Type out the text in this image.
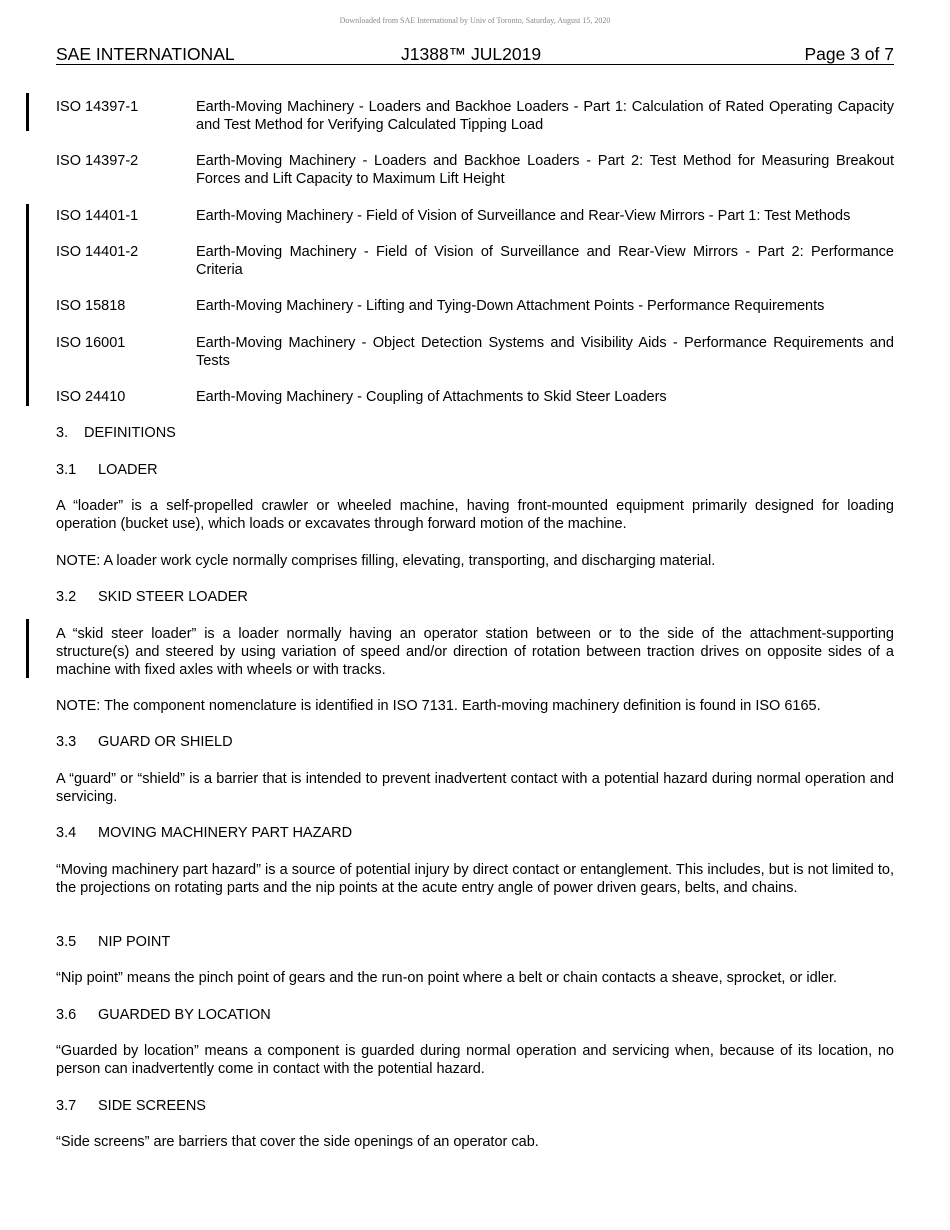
Downloaded from SAE International by Univ of Toronto, Saturday, August 15, 2020
SAE INTERNATIONAL	J1388™ JUL2019	Page 3 of 7
ISO 14397-1	Earth-Moving Machinery - Loaders and Backhoe Loaders - Part 1: Calculation of Rated Operating Capacity and Test Method for Verifying Calculated Tipping Load
ISO 14397-2	Earth-Moving Machinery - Loaders and Backhoe Loaders - Part 2: Test Method for Measuring Breakout Forces and Lift Capacity to Maximum Lift Height
ISO 14401-1	Earth-Moving Machinery - Field of Vision of Surveillance and Rear-View Mirrors - Part 1: Test Methods
ISO 14401-2	Earth-Moving Machinery - Field of Vision of Surveillance and Rear-View Mirrors - Part 2: Performance Criteria
ISO 15818	Earth-Moving Machinery - Lifting and Tying-Down Attachment Points - Performance Requirements
ISO 16001	Earth-Moving Machinery - Object Detection Systems and Visibility Aids - Performance Requirements and Tests
ISO 24410	Earth-Moving Machinery - Coupling of Attachments to Skid Steer Loaders
3. DEFINITIONS
3.1 LOADER
A “loader” is a self-propelled crawler or wheeled machine, having front-mounted equipment primarily designed for loading operation (bucket use), which loads or excavates through forward motion of the machine.
NOTE: A loader work cycle normally comprises filling, elevating, transporting, and discharging material.
3.2 SKID STEER LOADER
A “skid steer loader” is a loader normally having an operator station between or to the side of the attachment-supporting structure(s) and steered by using variation of speed and/or direction of rotation between traction drives on opposite sides of a machine with fixed axles with wheels or with tracks.
NOTE: The component nomenclature is identified in ISO 7131. Earth-moving machinery definition is found in ISO 6165.
3.3 GUARD OR SHIELD
A “guard” or “shield” is a barrier that is intended to prevent inadvertent contact with a potential hazard during normal operation and servicing.
3.4 MOVING MACHINERY PART HAZARD
“Moving machinery part hazard” is a source of potential injury by direct contact or entanglement. This includes, but is not limited to, the projections on rotating parts and the nip points at the acute entry angle of power driven gears, belts, and chains.
3.5 NIP POINT
“Nip point” means the pinch point of gears and the run-on point where a belt or chain contacts a sheave, sprocket, or idler.
3.6 GUARDED BY LOCATION
“Guarded by location” means a component is guarded during normal operation and servicing when, because of its location, no person can inadvertently come in contact with the potential hazard.
3.7 SIDE SCREENS
“Side screens” are barriers that cover the side openings of an operator cab.
